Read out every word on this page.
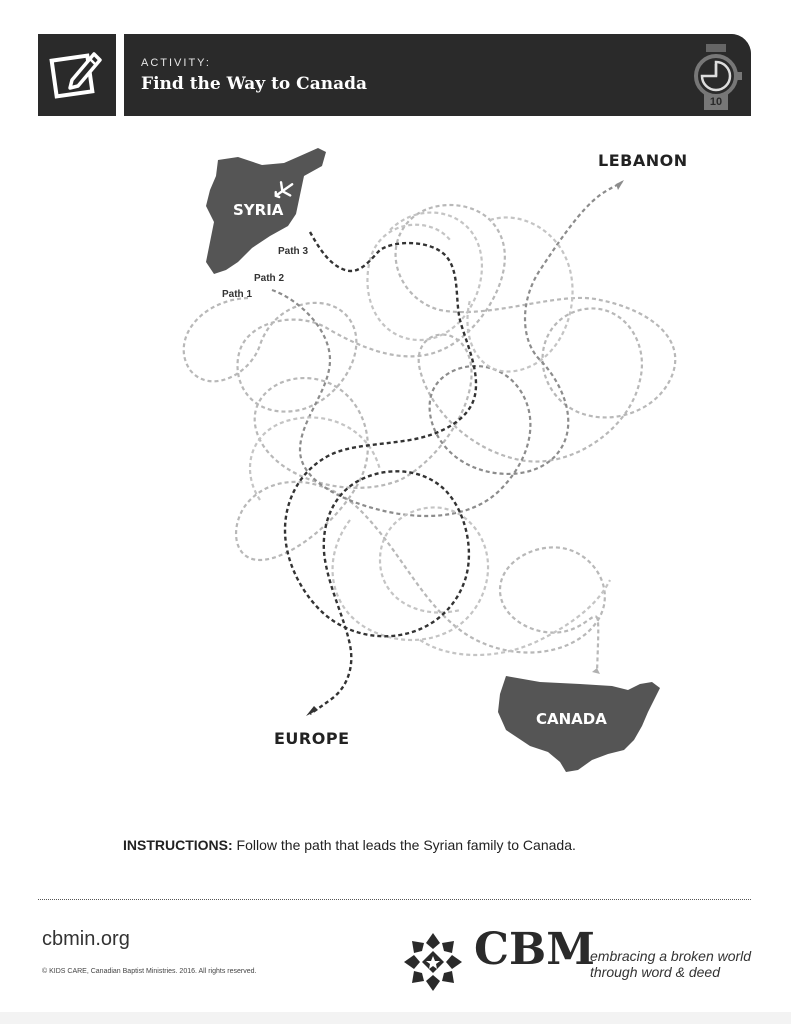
ACTIVITY:
Find the Way to Canada
10
SYRIA
LEBANON
EUROPE
CANADA
Path 1
Path 2
Path 3
INSTRUCTIONS: Follow the path that leads the Syrian family to Canada.
cbmin.org
© KIDS CARE, Canadian Baptist Ministries. 2016. All rights reserved.	CBM
embracing a broken world
through word & deed
